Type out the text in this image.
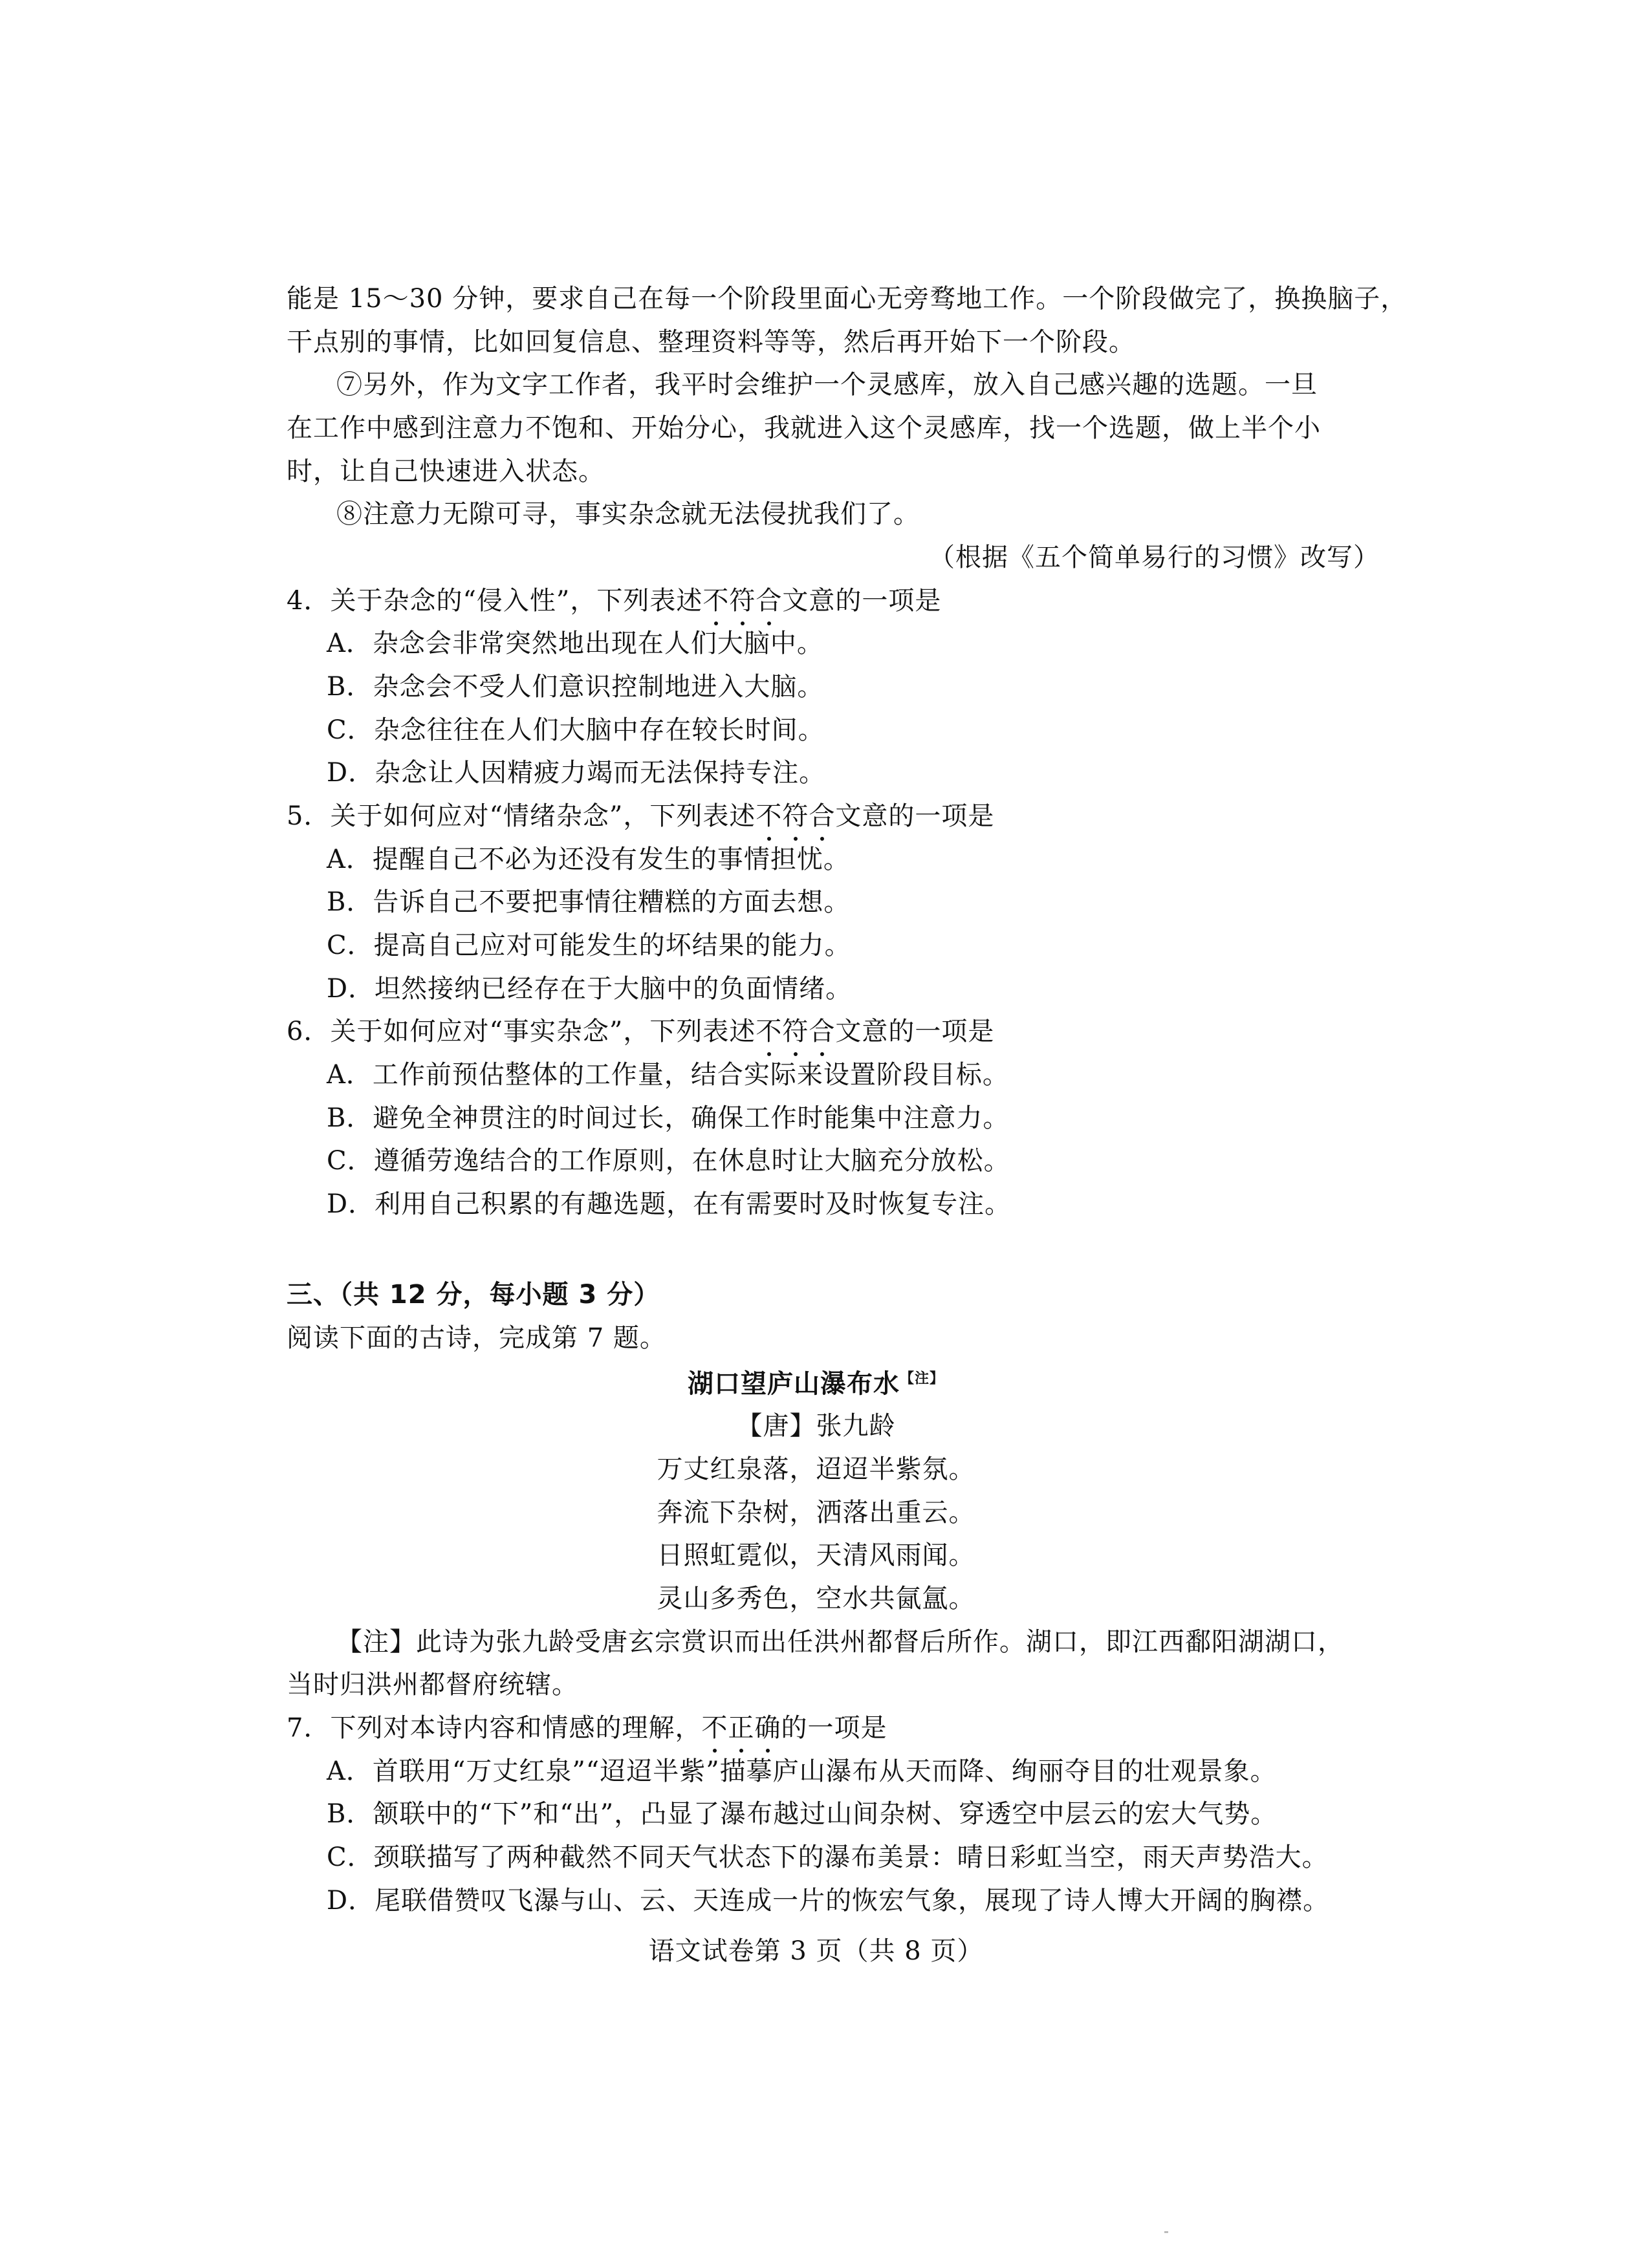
能是 15～30 分钟，要求自己在每一个阶段里面心无旁骛地工作。一个阶段做完了，换换脑子，
干点别的事情，比如回复信息、整理资料等等，然后再开始下一个阶段。
⑦另外，作为文字工作者，我平时会维护一个灵感库，放入自己感兴趣的选题。一旦
在工作中感到注意力不饱和、开始分心，我就进入这个灵感库，找一个选题，做上半个小
时，让自己快速进入状态。
⑧注意力无隙可寻，事实杂念就无法侵扰我们了。
（根据《五个简单易行的习惯》改写）
4．关于杂念的“侵入性”，下列表述不符合文意的一项是
A．杂念会非常突然地出现在人们大脑中。
B．杂念会不受人们意识控制地进入大脑。
C．杂念往往在人们大脑中存在较长时间。
D．杂念让人因精疲力竭而无法保持专注。
5．关于如何应对“情绪杂念”，下列表述不符合文意的一项是
A．提醒自己不必为还没有发生的事情担忧。
B．告诉自己不要把事情往糟糕的方面去想。
C．提高自己应对可能发生的坏结果的能力。
D．坦然接纳已经存在于大脑中的负面情绪。
6．关于如何应对“事实杂念”，下列表述不符合文意的一项是
A．工作前预估整体的工作量，结合实际来设置阶段目标。
B．避免全神贯注的时间过长，确保工作时能集中注意力。
C．遵循劳逸结合的工作原则，在休息时让大脑充分放松。
D．利用自己积累的有趣选题，在有需要时及时恢复专注。
三、（共 12 分，每小题 3 分）
阅读下面的古诗，完成第 7 题。
湖口望庐山瀑布水$^{【注】}$
【唐】张九龄
万丈红泉落，迢迢半紫氛。
奔流下杂树，洒落出重云。
日照虹霓似，天清风雨闻。
灵山多秀色，空水共氤氲。
【注】此诗为张九龄受唐玄宗赏识而出任洪州都督后所作。湖口，即江西鄱阳湖湖口，
当时归洪州都督府统辖。
7．下列对本诗内容和情感的理解，不正确的一项是
A．首联用“万丈红泉”“迢迢半紫”描摹庐山瀑布从天而降、绚丽夺目的壮观景象。
B．颔联中的“下”和“出”，凸显了瀑布越过山间杂树、穿透空中层云的宏大气势。
C．颈联描写了两种截然不同天气状态下的瀑布美景：晴日彩虹当空，雨天声势浩大。
D．尾联借赞叹飞瀑与山、云、天连成一片的恢宏气象，展现了诗人博大开阔的胸襟。
语文试卷第 3 页（共 8 页）
